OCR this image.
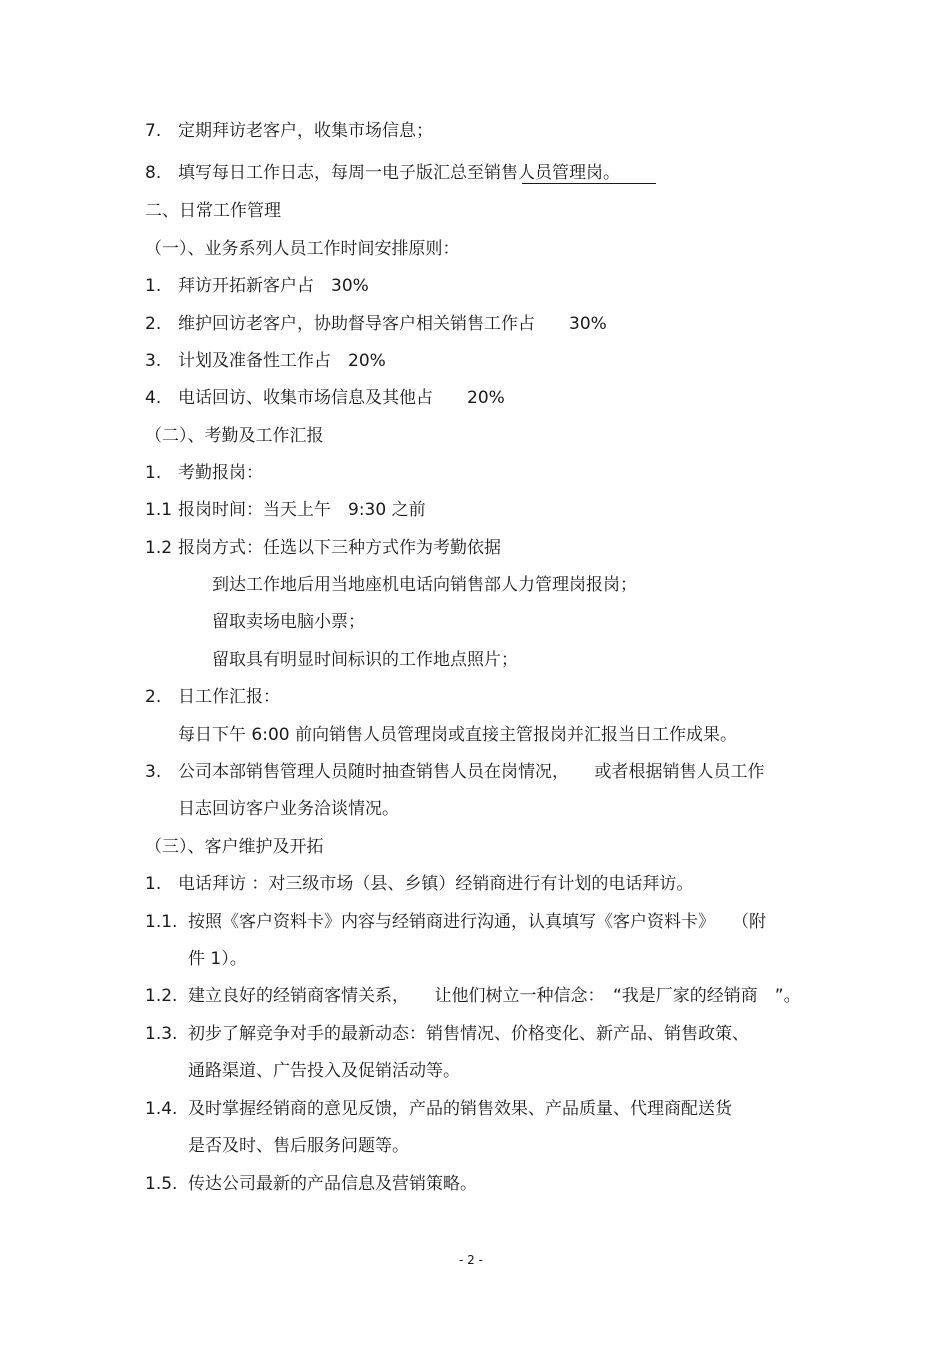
7. 定期拜访老客户，收集市场信息；
8. 填写每日工作日志，每周一电子版汇总至销售人员管理岗。
二、日常工作管理
（一）、业务系列人员工作时间安排原则：
1. 拜访开拓新客户占　30%
2. 维护回访老客户，协助督导客户相关销售工作占　　30%
3. 计划及准备性工作占　20%
4. 电话回访、收集市场信息及其他占　　20%
（二）、考勤及工作汇报
1. 考勤报岗：
1.1 报岗时间：当天上午　9:30 之前
1.2 报岗方式：任选以下三种方式作为考勤依据
到达工作地后用当地座机电话向销售部人力管理岗报岗；
留取卖场电脑小票；
留取具有明显时间标识的工作地点照片；
2. 日工作汇报：
每日下午 6:00 前向销售人员管理岗或直接主管报岗并汇报当日工作成果。
3. 公司本部销售管理人员随时抽查销售人员在岗情况，　　或者根据销售人员工作
日志回访客户业务洽谈情况。
（三）、客户维护及开拓
1. 电话拜访 ：对三级市场（县、乡镇）经销商进行有计划的电话拜访。
1.1. 按照《客户资料卡》内容与经销商进行沟通，认真填写《客户资料卡》　　（附
件 1）。
1.2. 建立良好的经销商客情关系，　　让他们树立一种信念：　“我是厂家的经销商　”。
1.3. 初步了解竞争对手的最新动态：销售情况、价格变化、新产品、销售政策、
通路渠道、广告投入及促销活动等。
1.4. 及时掌握经销商的意见反馈，产品的销售效果、产品质量、代理商配送货
是否及时、售后服务问题等。
1.5. 传达公司最新的产品信息及营销策略。
- 2 -
